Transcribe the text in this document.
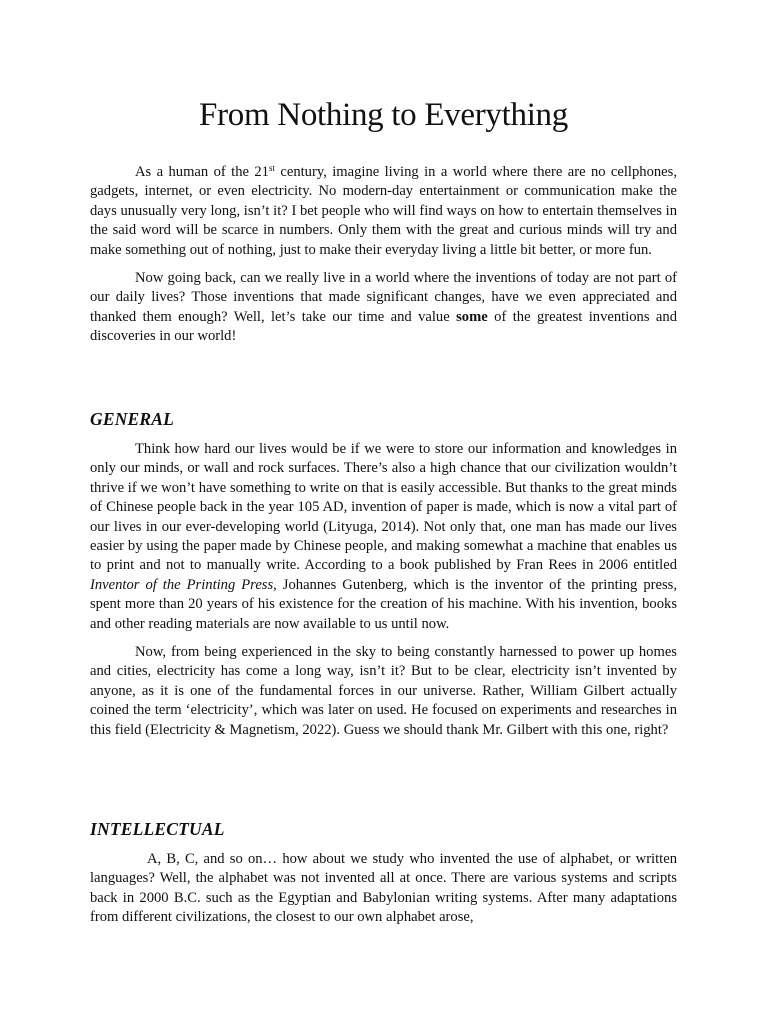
From Nothing to Everything

As a human of the 21st century, imagine living in a world where there are no cellphones, gadgets, internet, or even electricity. No modern-day entertainment or communication make the days unusually very long, isn’t it? I bet people who will find ways on how to entertain themselves in the said word will be scarce in numbers. Only them with the great and curious minds will try and make something out of nothing, just to make their everyday living a little bit better, or more fun.

Now going back, can we really live in a world where the inventions of today are not part of our daily lives? Those inventions that made significant changes, have we even appreciated and thanked them enough? Well, let’s take our time and value some of the greatest inventions and discoveries in our world!

GENERAL

Think how hard our lives would be if we were to store our information and knowledges in only our minds, or wall and rock surfaces. There’s also a high chance that our civilization wouldn’t thrive if we won’t have something to write on that is easily accessible. But thanks to the great minds of Chinese people back in the year 105 AD, invention of paper is made, which is now a vital part of our lives in our ever-developing world (Lityuga, 2014). Not only that, one man has made our lives easier by using the paper made by Chinese people, and making somewhat a machine that enables us to print and not to manually write. According to a book published by Fran Rees in 2006 entitled Inventor of the Printing Press, Johannes Gutenberg, which is the inventor of the printing press, spent more than 20 years of his existence for the creation of his machine. With his invention, books and other reading materials are now available to us until now.

Now, from being experienced in the sky to being constantly harnessed to power up homes and cities, electricity has come a long way, isn’t it? But to be clear, electricity isn’t invented by anyone, as it is one of the fundamental forces in our universe. Rather, William Gilbert actually coined the term ‘electricity’, which was later on used. He focused on experiments and researches in this field (Electricity & Magnetism, 2022). Guess we should thank Mr. Gilbert with this one, right?

INTELLECTUAL

A, B, C, and so on… how about we study who invented the use of alphabet, or written languages? Well, the alphabet was not invented all at once. There are various systems and scripts back in 2000 B.C. such as the Egyptian and Babylonian writing systems. After many adaptations from different civilizations, the closest to our own alphabet arose,
